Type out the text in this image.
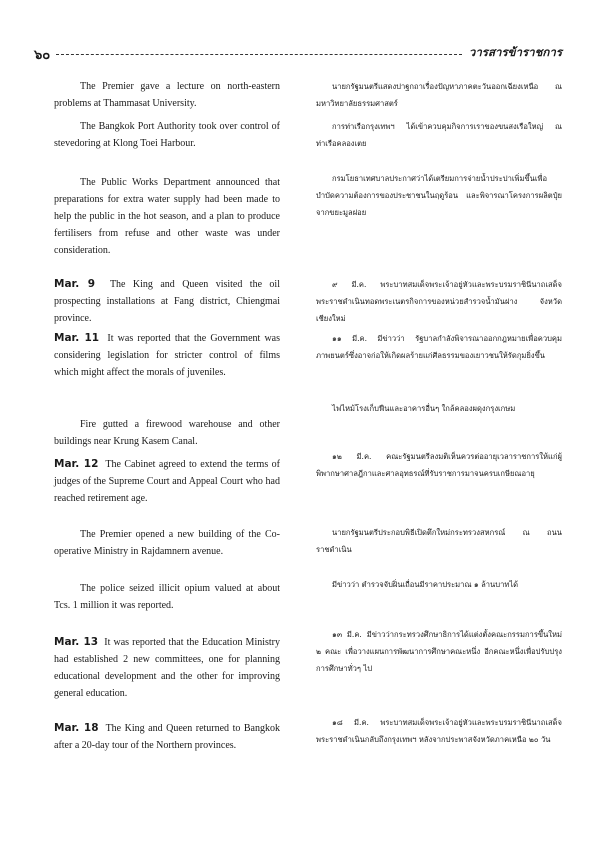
๖๐	วารสารข้าราชการ

The Premier gave a lecture on north-eastern problems at Thammasat University.

The Bangkok Port Authority took over control of stevedoring at Klong Toei Harbour.

The Public Works Department announced that preparations for extra water supply had been made to help the public in the hot season, and a plan to produce fertilisers from refuse and other waste was under consideration.

Mar. 9 The King and Queen visited the oil prospecting installations at Fang district, Chiengmai province.

Mar. 11 It was reported that the Government was considering legislation for stricter control of films which might affect the morals of juveniles.

Fire gutted a firewood warehouse and other buildings near Krung Kasem Canal.

Mar. 12 The Cabinet agreed to extend the terms of judges of the Supreme Court and Appeal Court who had reached retirement age.

The Premier opened a new building of the Co-operative Ministry in Rajdamnern avenue.

The police seized illicit opium valued at about Tcs. 1 million it was reported.

Mar. 13 It was reported that the Education Ministry had established 2 new committees, one for planning educational development and the other for improving general education.

Mar. 18 The King and Queen returned to Bangkok after a 20-day tour of the Northern provinces.

นายกรัฐมนตรีแสดงปาฐกถาเรื่องปัญหาภาคตะวันออกเฉียงเหนือ ณ มหาวิทยาลัยธรรมศาสตร์

การท่าเรือกรุงเทพฯ ได้เข้าควบคุมกิจการเราของขนสงเรือใหญ่ ณ ท่าเรือคลองเตย

กรมโยธาเทศบาลประกาศว่าได้เตรียมการจ่ายน้ำประปาเพิ่มขึ้นเพื่อบำบัดความต้องการของประชาชนในฤดูร้อน และพิจารณาโครงการผลิตปุ๋ยจากขยะมูลฝอย

๙ มี.ค. พระบาทสมเด็จพระเจ้าอยู่หัวและพระบรมราชินีนาถเสด็จพระราชดำเนินทอดพระเนตรกิจการของหน่วยสำรวจน้ำมันฝาง จังหวัดเชียงใหม่

๑๑ มี.ค. มีข่าวว่า รัฐบาลกำลังพิจารณาออกกฎหมายเพื่อควบคุมภาพยนตร์ซึ่งอาจก่อให้เกิดผลร้ายแก่ศีลธรรมของเยาวชนให้รัดกุมยิ่งขึ้น

ไฟไหม้โรงเก็บฟืนและอาคารอื่นๆ ใกล้คลองผดุงกรุงเกษม

๑๒ มี.ค. คณะรัฐมนตรีลงมติเห็นควรต่ออายุเวลาราชการให้แก่ผู้พิพากษาศาลฎีกาและศาลอุทธรณ์ที่รับราชการมาจนครบเกษียณอายุ

นายกรัฐมนตรีประกอบพิธีเปิดตึกใหม่กระทรวงสหกรณ์ ณ ถนนราชดำเนิน

มีข่าวว่า ตำรวจจับฝิ่นเถื่อนมีราคาประมาณ ๑ ล้านบาทได้

๑๓ มี.ค. มีข่าวว่ากระทรวงศึกษาธิการได้แต่งตั้งคณะกรรมการขึ้นใหม่ ๒ คณะ เพื่อวางแผนการพัฒนาการศึกษาคณะหนึ่ง อีกคณะหนึ่งเพื่อปรับปรุงการศึกษาทั่วๆ ไป

๑๘ มี.ค. พระบาทสมเด็จพระเจ้าอยู่หัวและพระบรมราชินีนาถเสด็จพระราชดำเนินกลับถึงกรุงเทพฯ หลังจากประพาสจังหวัดภาคเหนือ ๒๐ วัน
